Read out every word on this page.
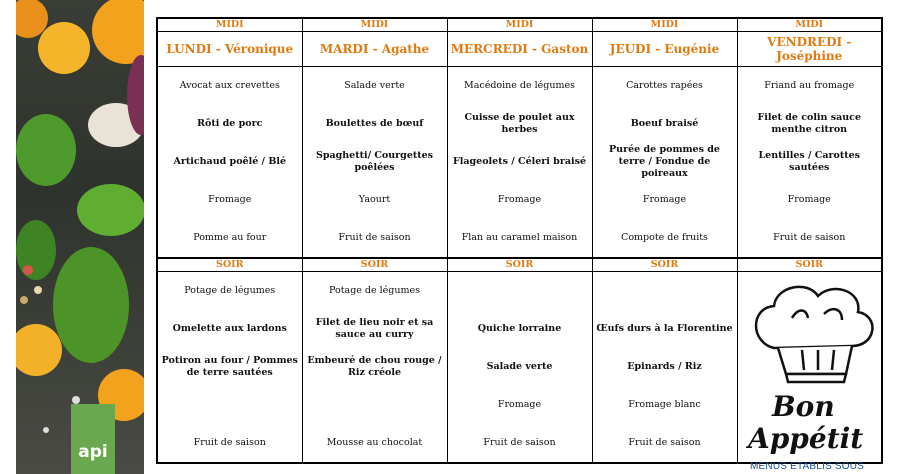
api
MIDI	MIDI	MIDI	MIDI	MIDI
LUNDI - Véronique	MARDI - Agathe	MERCREDI - Gaston	JEUDI - Eugénie	VENDREDI - Joséphine
Avocat aux crevettes	Salade verte	Macédoine de légumes	Carottes rapées	Friand au fromage
Rôti de porc	Boulettes de bœuf	Cuisse de poulet aux herbes	Boeuf braisé	Filet de colin sauce menthe citron
Artichaud poêlé / Blé	Spaghetti/ Courgettes poêlées	Flageolets / Céleri braisé	Purée de pommes de terre / Fondue de poireaux	Lentilles / Carottes sautées
Fromage	Yaourt	Fromage	Fromage	Fromage
Pomme au four	Fruit de saison	Flan au caramel maison	Compote de fruits	Fruit de saison
SOIR	SOIR	SOIR	SOIR	SOIR
Potage de légumes	Potage de légumes			
Omelette aux lardons	Filet de lieu noir et sa sauce au curry	Quiche lorraine	Œufs durs à la Florentine	
Potiron au four / Pommes de terre sautées	Embeuré de chou rouge / Riz créole	Salade verte	Epinards / Riz	
		Fromage	Fromage blanc	
Fruit de saison	Mousse au chocolat	Fruit de saison	Fruit de saison	
Bon
Appétit
MENUS ETABLIS SOUS
